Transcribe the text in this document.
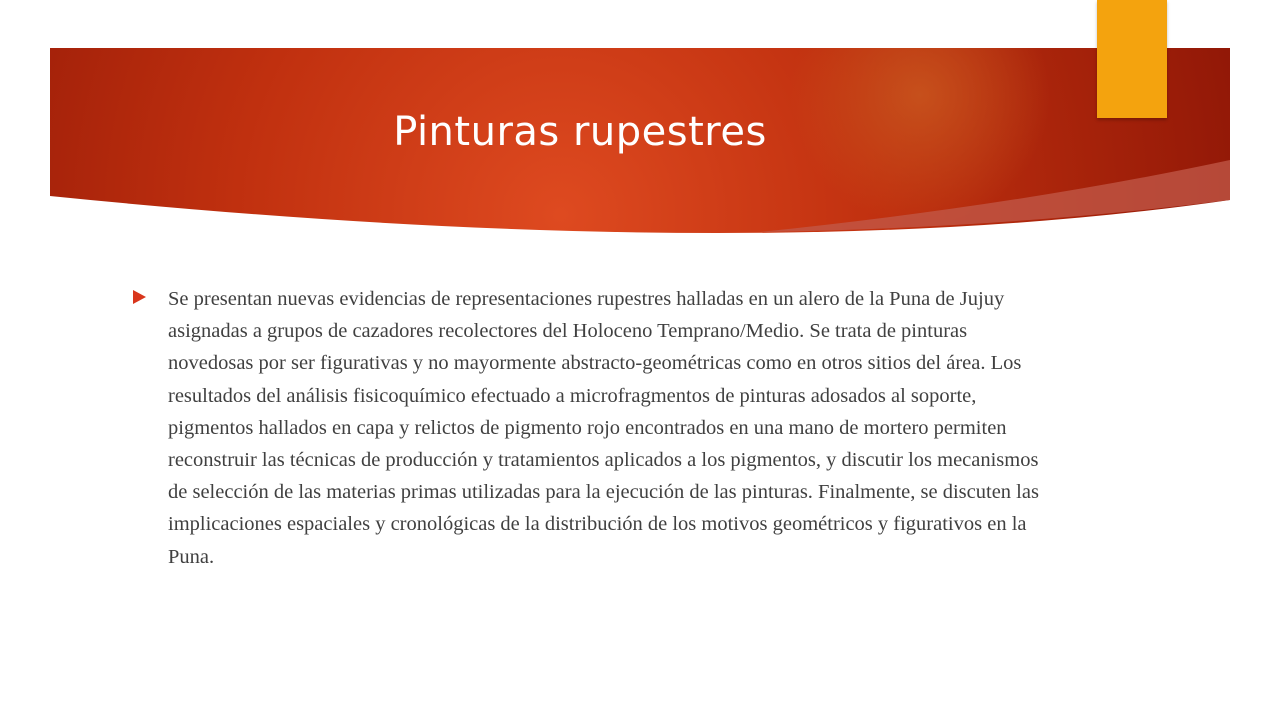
Pinturas rupestres

Se presentan nuevas evidencias de representaciones rupestres halladas en un alero de la Puna de Jujuy asignadas a grupos de cazadores recolectores del Holoceno Temprano/Medio. Se trata de pinturas novedosas por ser figurativas y no mayormente abstracto-geométricas como en otros sitios del área. Los resultados del análisis fisicoquímico efectuado a microfragmentos de pinturas adosados al soporte, pigmentos hallados en capa y relictos de pigmento rojo encontrados en una mano de mortero permiten reconstruir las técnicas de producción y tratamientos aplicados a los pigmentos, y discutir los mecanismos de selección de las materias primas utilizadas para la ejecución de las pinturas. Finalmente, se discuten las implicaciones espaciales y cronológicas de la distribución de los motivos geométricos y figurativos en la Puna.
